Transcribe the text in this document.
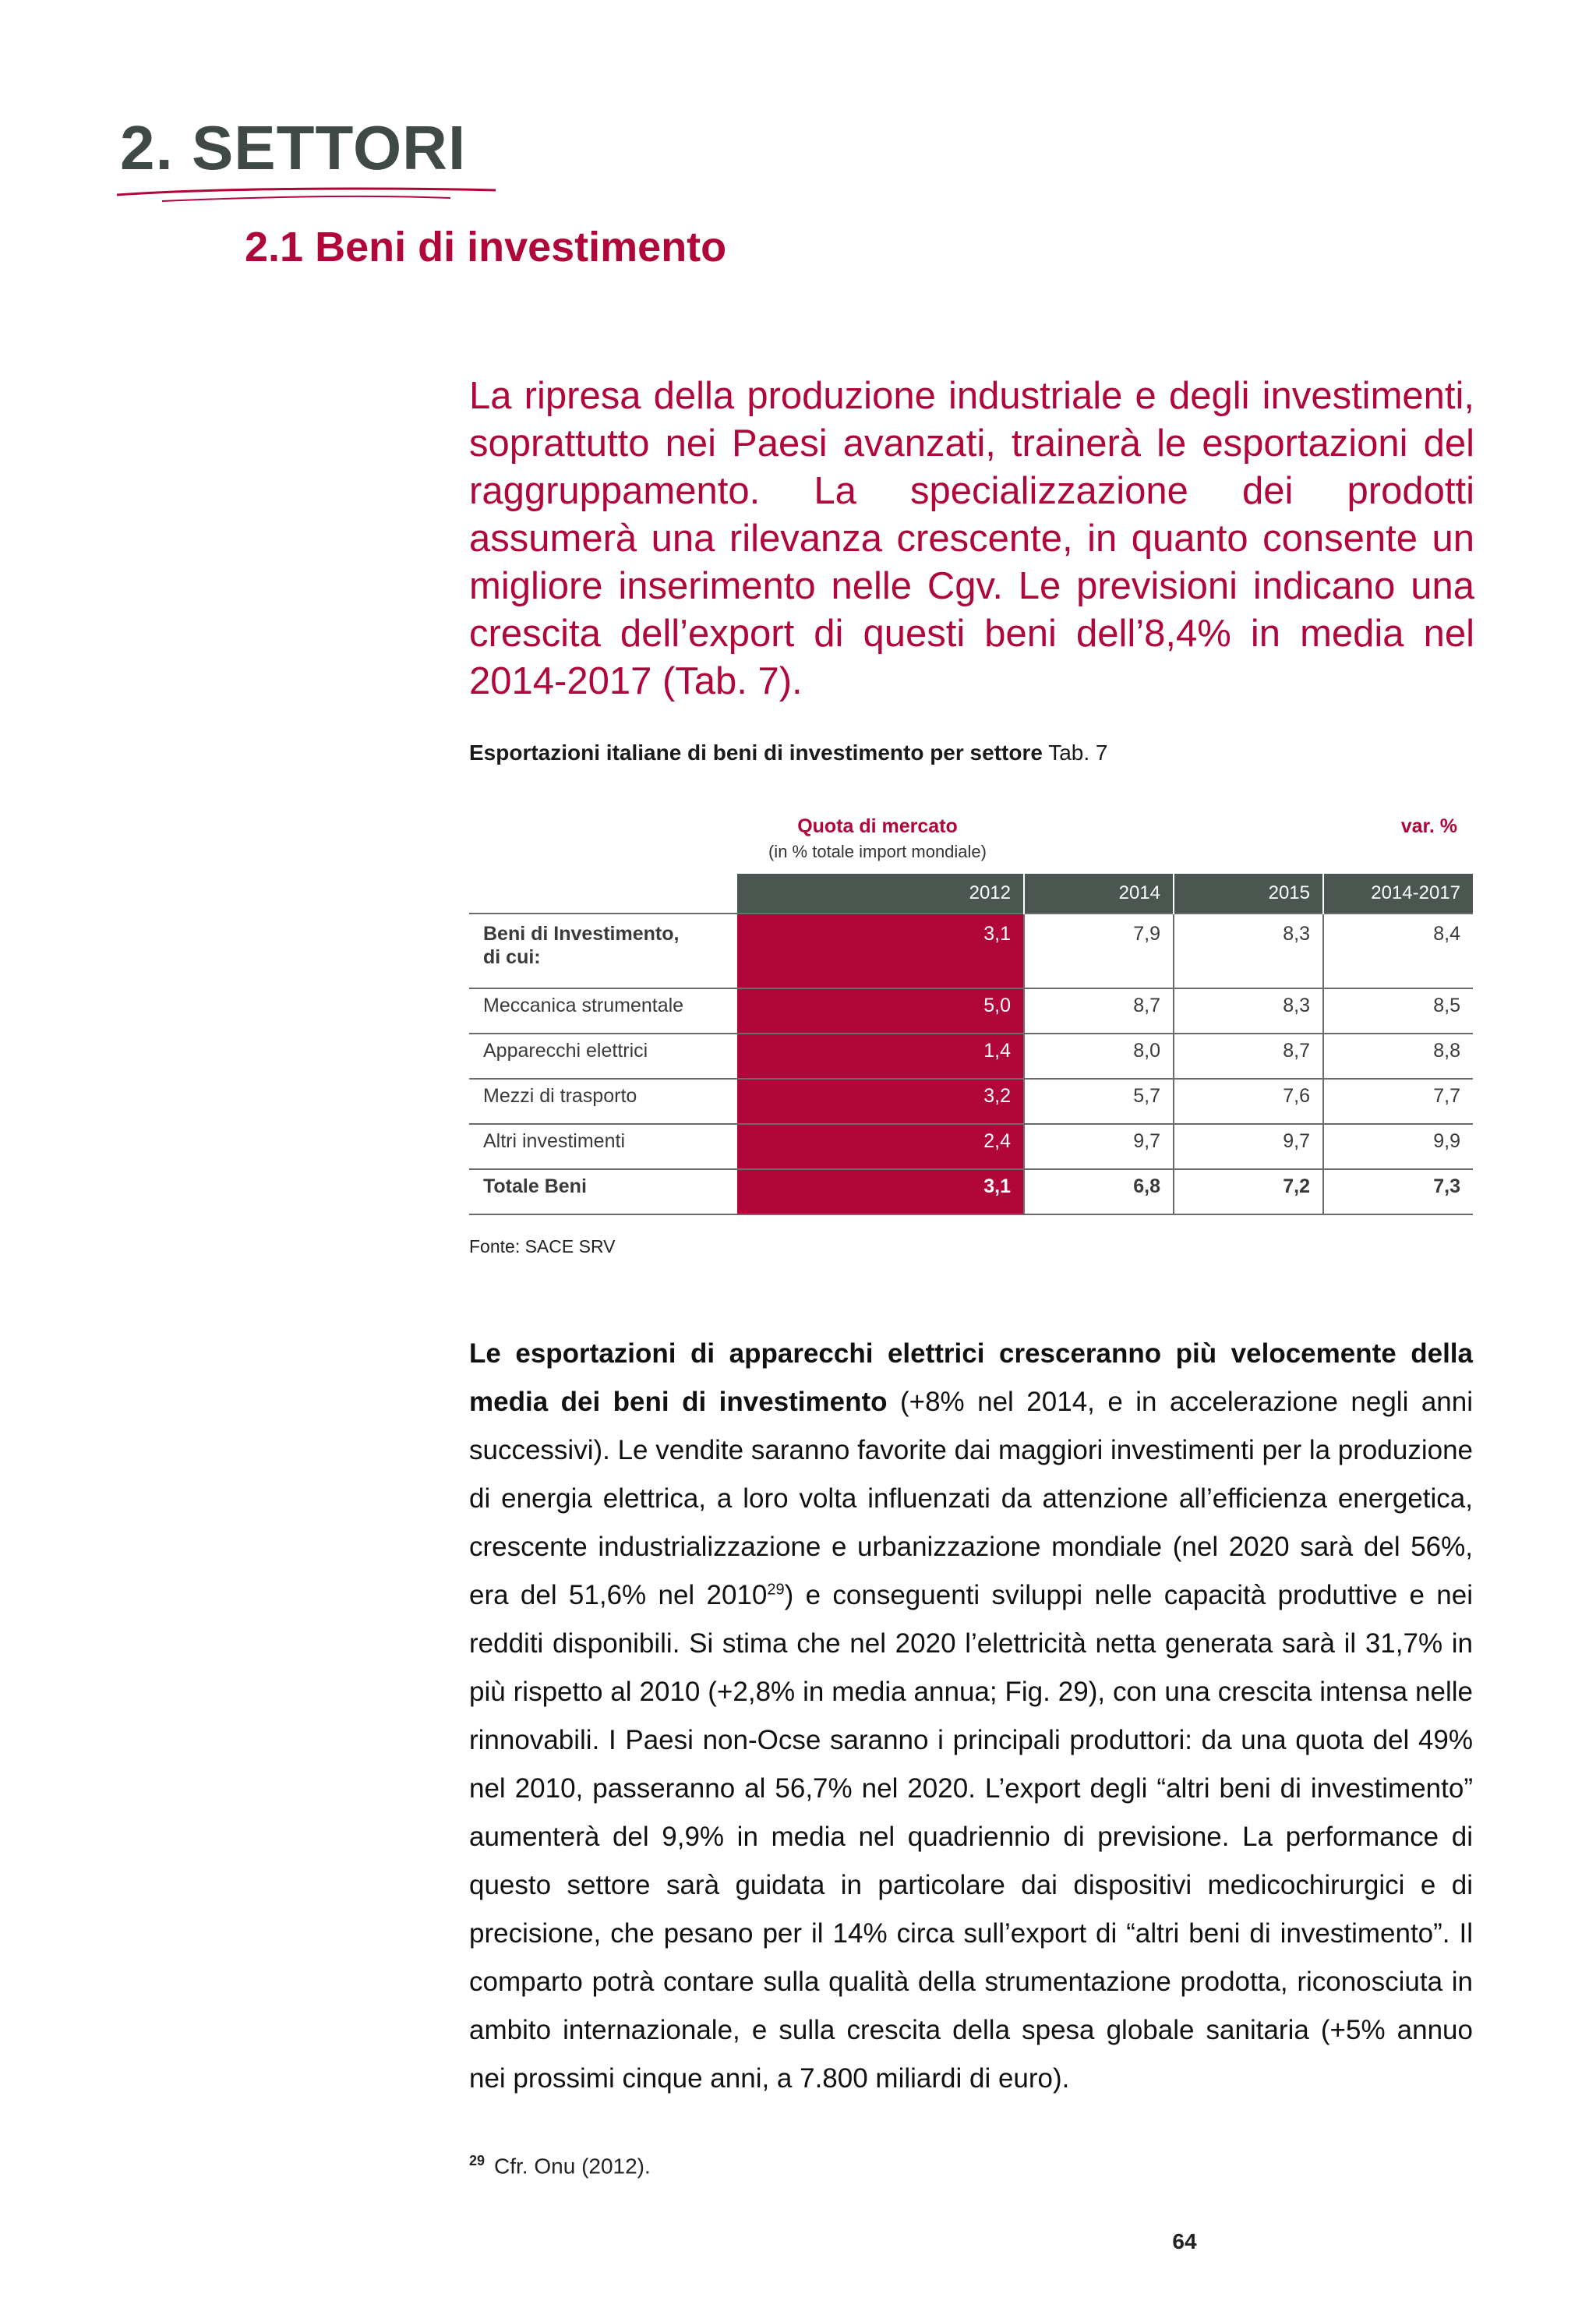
2. SETTORI
2.1 Beni di investimento

La ripresa della produzione industriale e degli investimenti, soprattutto nei Paesi avanzati, trainerà le esportazioni del raggruppamento. La specializzazione dei prodotti assumerà una rilevanza crescente, in quanto consente un migliore inserimento nelle Cgv. Le previsioni indicano una crescita dell’export di questi beni dell’8,4% in media nel 2014-2017 (Tab. 7).

Esportazioni italiane di beni di investimento per settore Tab. 7

Quota di mercato
(in % totale import mondiale)
var. %
	2012	2014	2015	2014-2017
Beni di Investimento,
di cui:	3,1	7,9	8,3	8,4
Meccanica strumentale	5,0	8,7	8,3	8,5
Apparecchi elettrici	1,4	8,0	8,7	8,8
Mezzi di trasporto	3,2	5,7	7,6	7,7
Altri investimenti	2,4	9,7	9,7	9,9
Totale Beni	3,1	6,8	7,2	7,3
Fonte: SACE SRV

Le esportazioni di apparecchi elettrici cresceranno più velocemente della media dei beni di investimento (+8% nel 2014, e in accelerazione negli anni successivi). Le vendite saranno favorite dai maggiori investimenti per la produzione di energia elettrica, a loro volta influenzati da attenzione all’efficienza energetica, crescente industrializzazione e urbanizzazione mondiale (nel 2020 sarà del 56%, era del 51,6% nel 2010$^{29}$) e conseguenti sviluppi nelle capacità produttive e nei redditi disponibili. Si stima che nel 2020 l’elettricità netta generata sarà il 31,7% in più rispetto al 2010 (+2,8% in media annua; Fig. 29), con una crescita intensa nelle rinnovabili. I Paesi non-Ocse saranno i principali produttori: da una quota del 49% nel 2010, passeranno al 56,7% nel 2020. L’export degli “altri beni di investimento” aumenterà del 9,9% in media nel quadriennio di previsione. La performance di questo settore sarà guidata in particolare dai dispositivi medicochirurgici e di precisione, che pesano per il 14% circa sull’export di “altri beni di investimento”. Il comparto potrà contare sulla qualità della strumentazione prodotta, riconosciuta in ambito internazionale, e sulla crescita della spesa globale sanitaria (+5% annuo nei prossimi cinque anni, a 7.800 miliardi di euro).

$^{29}$ Cfr. Onu (2012).
64
